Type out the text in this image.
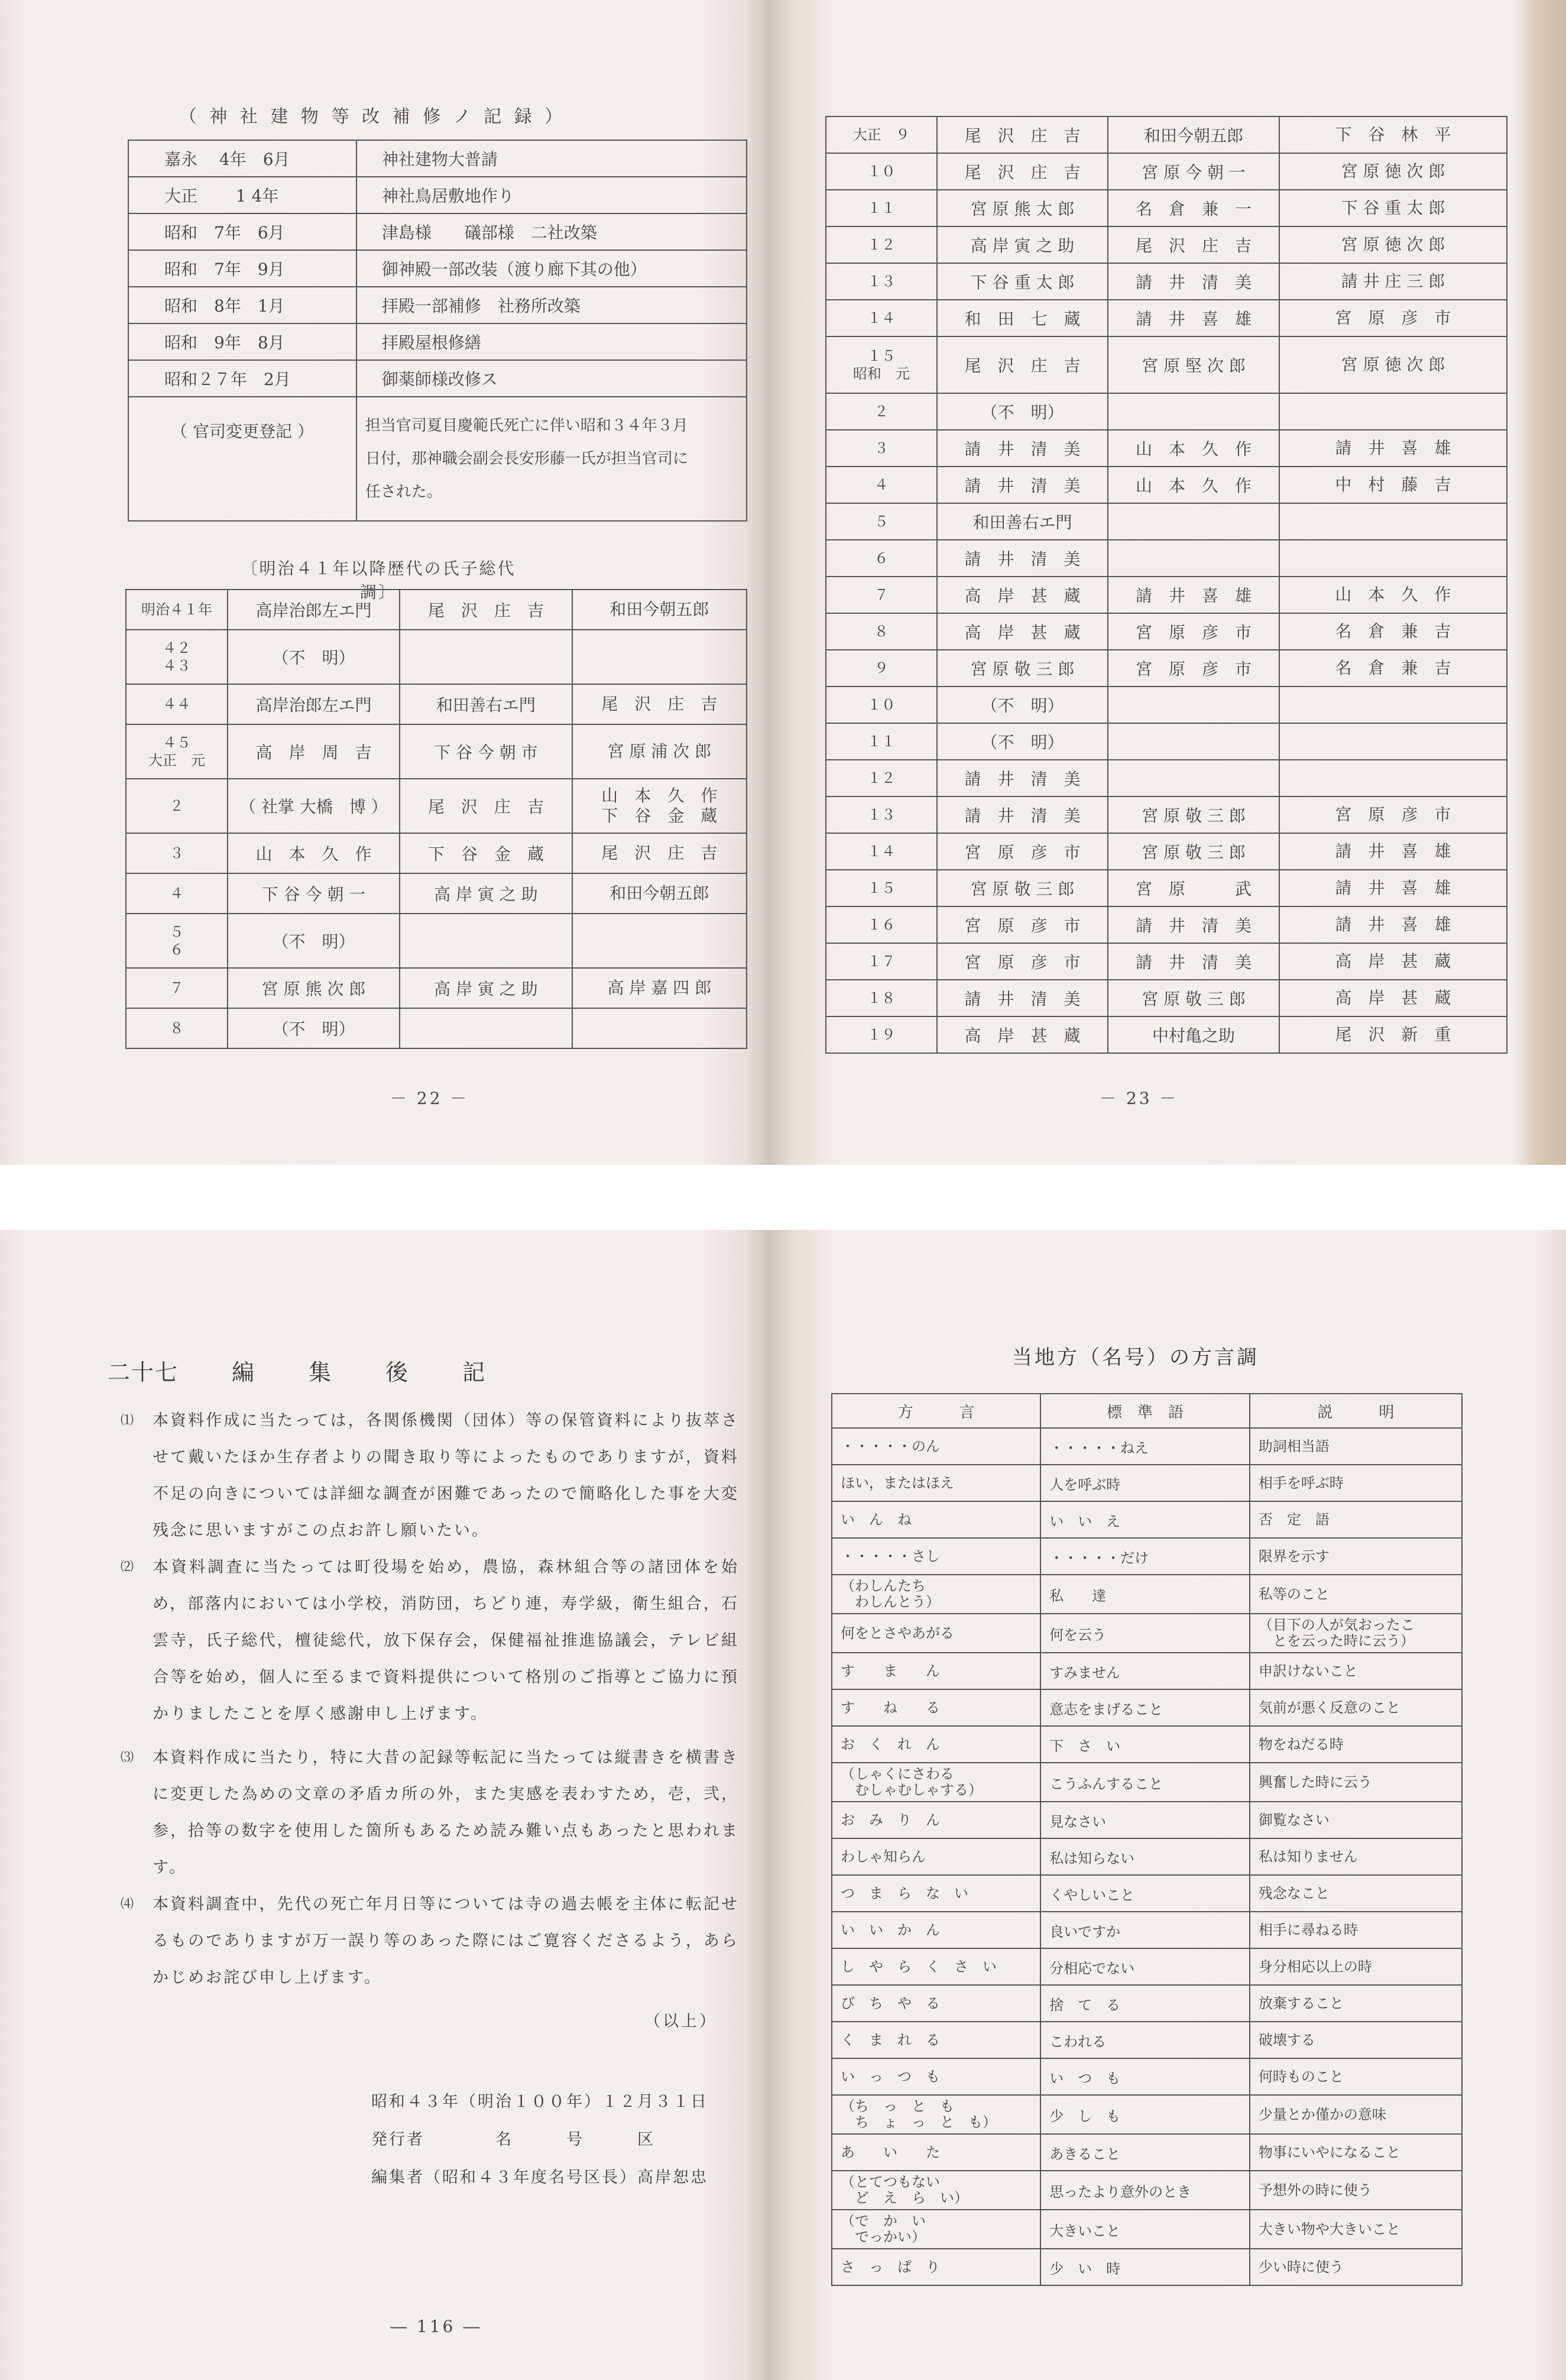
（ 神 社 建 物 等 改 補 修 ノ 記 録 ）
嘉永　 4年　6月	神社建物大普請
大正　　 1 4年	神社鳥居敷地作り
昭和　7年　6月	津島様　　礒部様　二社改築
昭和　7年　9月	御神殿一部改装（渡り廊下其の他）
昭和　8年　1月	拝殿一部補修　社務所改築
昭和　9年　8月	拝殿屋根修繕
昭和２７年　2月	御薬師様改修ス
（ 官司変更登記 ）	担当官司夏目慶範氏死亡に伴い昭和３４年３月
日付，那神職会副会長安形藤一氏が担当官司に
任された。
〔明治４１年以降歴代の氏子総代調〕
明治４１年	高岸治郎左エ門	尾　沢　庄　吉	和田今朝五郎
４２
４３	（不　明）		
４４	高岸治郎左エ門	和田善右エ門	尾　沢　庄　吉
４５
大正　元	高　岸　周　吉	下 谷 今 朝 市	宮 原 浦 次 郎
２	（ 社掌 大橋　博 ）	尾　沢　庄　吉	山　本　久　作
下　谷　金　蔵
３	山　本　久　作	下　谷　金　蔵	尾　沢　庄　吉
４	下 谷 今 朝 一	高 岸 寅 之 助	和田今朝五郎
５
６	（不　明）		
７	宮 原 熊 次 郎	高 岸 寅 之 助	高 岸 嘉 四 郎
８	（不　明）		
－ 22 －
大正　９	尾　沢　庄　吉	和田今朝五郎	下　谷　林　平
１０	尾　沢　庄　吉	宮 原 今 朝 一	宮 原 徳 次 郎
１１	宮 原 熊 太 郎	名　倉　兼　一	下 谷 重 太 郎
１２	高 岸 寅 之 助	尾　沢　庄　吉	宮 原 徳 次 郎
１３	下 谷 重 太 郎	請　井　清　美	請 井 庄 三 郎
１４	和　田　七　蔵	請　井　喜　雄	宮　原　彦　市
１５
昭和　元	尾　沢　庄　吉	宮 原 堅 次 郎	宮 原 徳 次 郎
２	（不　明）		
３	請　井　清　美	山　本　久　作	請　井　喜　雄
４	請　井　清　美	山　本　久　作	中　村　藤　吉
５	和田善右エ門		
６	請　井　清　美		
７	高　岸　甚　蔵	請　井　喜　雄	山　本　久　作
８	高　岸　甚　蔵	宮　原　彦　市	名　倉　兼　吉
９	宮 原 敬 三 郎	宮　原　彦　市	名　倉　兼　吉
１０	（不　明）		
１１	（不　明）		
１２	請　井　清　美		
１３	請　井　清　美	宮 原 敬 三 郎	宮　原　彦　市
１４	宮　原　彦　市	宮 原 敬 三 郎	請　井　喜　雄
１５	宮 原 敬 三 郎	宮　原　　　武	請　井　喜　雄
１６	宮　原　彦　市	請　井　清　美	請　井　喜　雄
１７	宮　原　彦　市	請　井　清　美	高　岸　甚　蔵
１８	請　井　清　美	宮 原 敬 三 郎	高　岸　甚　蔵
１９	高　岸　甚　蔵	中村亀之助	尾　沢　新　重
－ 23 －
― 116 ―
二十七 編 集 後 記
⑴	本資料作成に当たっては，各関係機関（団体）等の保管資料により抜萃させて戴いたほか生存者よりの聞き取り等によったものでありますが，資料不足の向きについては詳細な調査が困難であったので簡略化した事を大変残念に思いますがこの点お許し願いたい。
⑵	本資料調査に当たっては町役場を始め，農協，森林組合等の諸団体を始め，部落内においては小学校，消防団，ちどり連，寿学級，衛生組合，石雲寺，氏子総代，檀徒総代，放下保存会，保健福祉推進協議会，テレビ組合等を始め，個人に至るまで資料提供について格別のご指導とご協力に預かりましたことを厚く感謝申し上げます。
⑶	本資料作成に当たり，特に大昔の記録等転記に当たっては縦書きを横書きに変更した為めの文章の矛盾カ所の外，また実感を表わすため，壱，弐，参，拾等の数字を使用した箇所もあるため読み難い点もあったと思われます。
⑷	本資料調査中，先代の死亡年月日等については寺の過去帳を主体に転記せるものでありますが万一誤り等のあった際にはご寛容くださるよう，あらかじめお詫び申し上げます。
（以上）
昭和４３年（明治１００年）１２月３１日
発行者　　　　名　　　号　　　区
編集者（昭和４３年度名号区長）高岸恕忠
当地方（名号）の方言調
方　　　言	標　準　語	説　　　明
・・・・・のん	・・・・・ねえ	助詞相当語
ほい，またはほえ	人を呼ぶ時	相手を呼ぶ時
い　ん　ね	い　い　え	否　定　語
・・・・・さし	・・・・・だけ	限界を示す
（わしんたち
　わしんとう）	私　　達	私等のこと
何をとさやあがる	何を云う	（目下の人が気おったこ
　とを云った時に云う）
す　　ま　　ん	すみません	申訳けないこと
す　　ね　　る	意志をまげること	気前が悪く反意のこと
お　く　れ　ん	下　さ　い	物をねだる時
（しゃくにさわる
　むしゃむしゃする）	こうふんすること	興奮した時に云う
お　み　り　ん	見なさい	御覧なさい
わしゃ知らん	私は知らない	私は知りません
つ　ま　ら　な　い	くやしいこと	残念なこと
い　い　か　ん	良いですか	相手に尋ねる時
し　や　ら　く　さ　い	分相応でない	身分相応以上の時
び　ち　や　る	捨　て　る	放棄すること
く　ま　れ　る	こわれる	破壊する
い　っ　つ　も	い　つ　も	何時ものこと
（ち　っ　と　も
　ち　ょ　っ　と　も）	少　し　も	少量とか僅かの意味
あ　　い　　た	あきること	物事にいやになること
（とてつもない
　ど　え　ら　い）	思ったより意外のとき	予想外の時に使う
（で　か　い
　でっかい）	大きいこと	大きい物や大きいこと
さ　っ　ぱ　り	少　い　時	少い時に使う
